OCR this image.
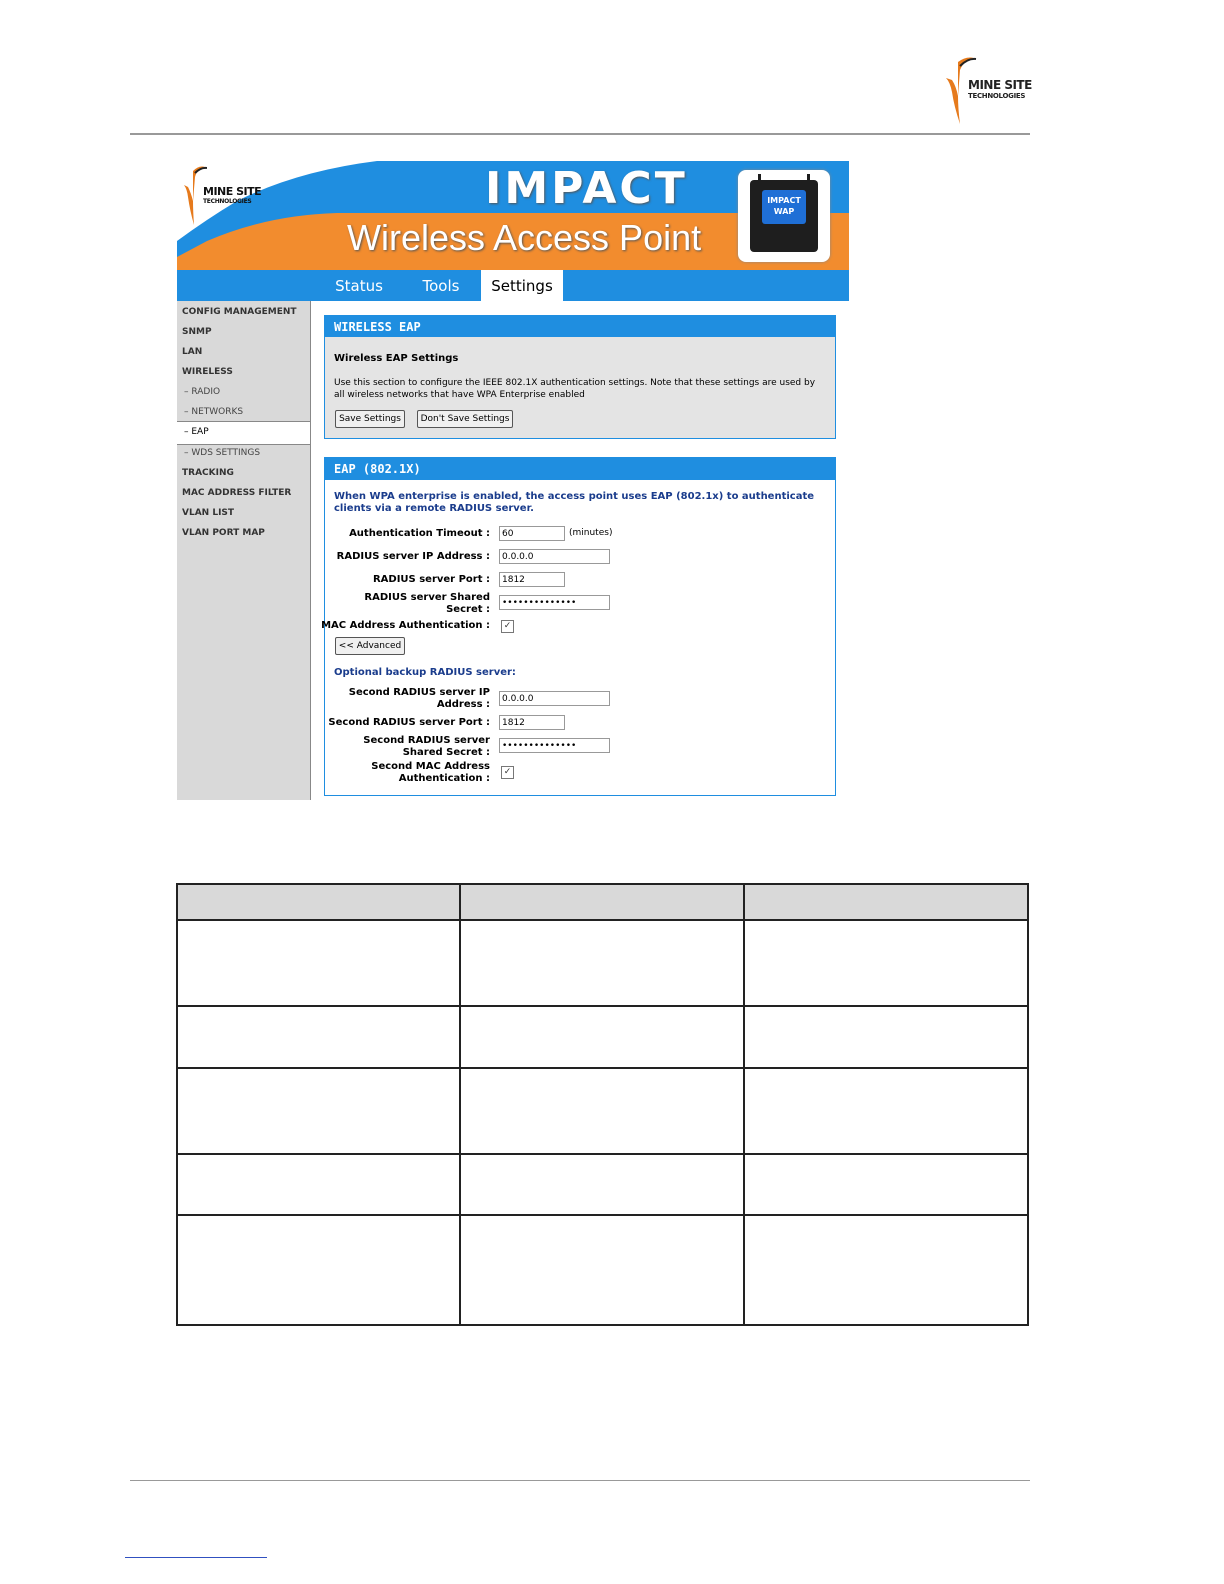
MINE SITE
TECHNOLOGIES
MINE SITE
TECHNOLOGIES	IMPACT
Wireless Access Point
IMPACT
WAP
Status	Tools	Settings
CONFIG MANAGEMENT
SNMP
LAN
WIRELESS
– RADIO
– NETWORKS
– EAP
– WDS SETTINGS
TRACKING
MAC ADDRESS FILTER
VLAN LIST
VLAN PORT MAP
WIRELESS EAP
Wireless EAP Settings
Use this section to configure the IEEE 802.1X authentication settings. Note that these settings are used by all wireless networks that have WPA Enterprise enabled
Save Settings	Don't Save Settings
EAP (802.1X)
When WPA enterprise is enabled, the access point uses EAP (802.1x) to authenticate clients via a remote RADIUS server.
Authentication Timeout :	60	(minutes)
RADIUS server IP Address :	0.0.0.0
RADIUS server Port :	1812
RADIUS server Shared
Secret :
••••••••••••••
MAC Address Authentication :	✓
<< Advanced
Optional backup RADIUS server:
Second RADIUS server IP
Address :	0.0.0.0
Second RADIUS server Port :	1812
Second RADIUS server
Shared Secret :
••••••••••••••
Second MAC Address
Authentication :
✓
